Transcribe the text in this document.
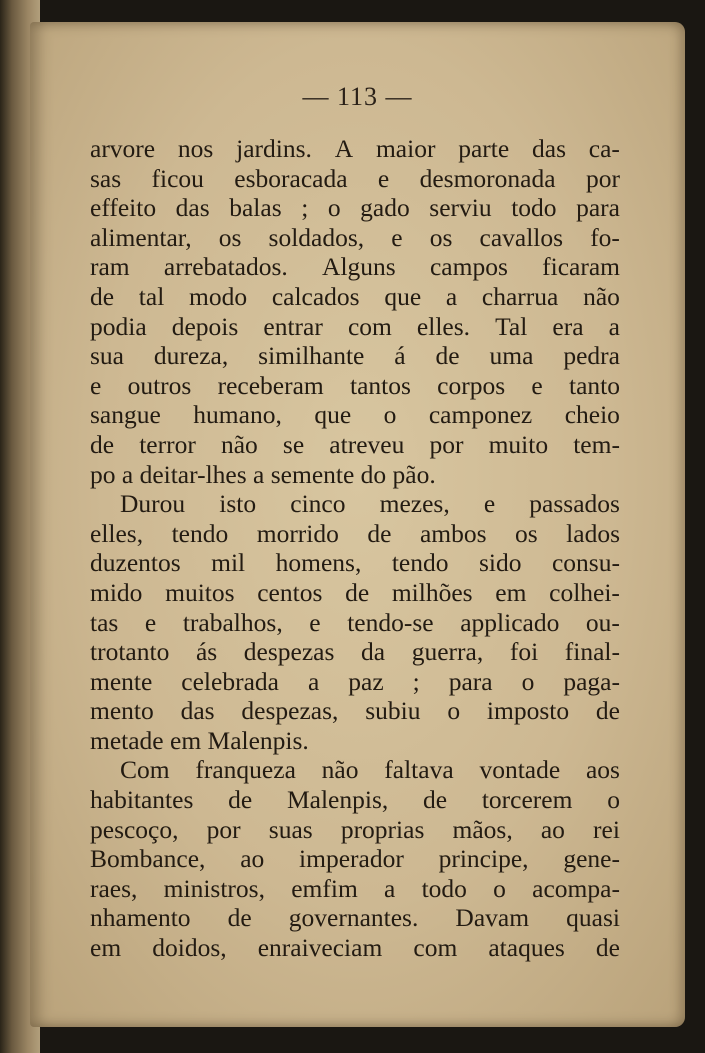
— 113 —
arvore nos jardins. A maior parte das ca-
sas ficou esboracada e desmoronada por
effeito das balas ; o gado serviu todo para
alimentar, os soldados, e os cavallos fo-
ram arrebatados. Alguns campos ficaram
de tal modo calcados que a charrua não
podia depois entrar com elles. Tal era a
sua dureza, similhante á de uma pedra
e outros receberam tantos corpos e tanto
sangue humano, que o camponez cheio
de terror não se atreveu por muito tem-
po a deitar-lhes a semente do pão.
Durou isto cinco mezes, e passados
elles, tendo morrido de ambos os lados
duzentos mil homens, tendo sido consu-
mido muitos centos de milhões em colhei-
tas e trabalhos, e tendo-se applicado ou-
trotanto ás despezas da guerra, foi final-
mente celebrada a paz ; para o paga-
mento das despezas, subiu o imposto de
metade em Malenpis.
Com franqueza não faltava vontade aos
habitantes de Malenpis, de torcerem o
pescoço, por suas proprias mãos, ao rei
Bombance, ao imperador principe, gene-
raes, ministros, emfim a todo o acompa-
nhamento de governantes. Davam quasi
em doidos, enraiveciam com ataques de
